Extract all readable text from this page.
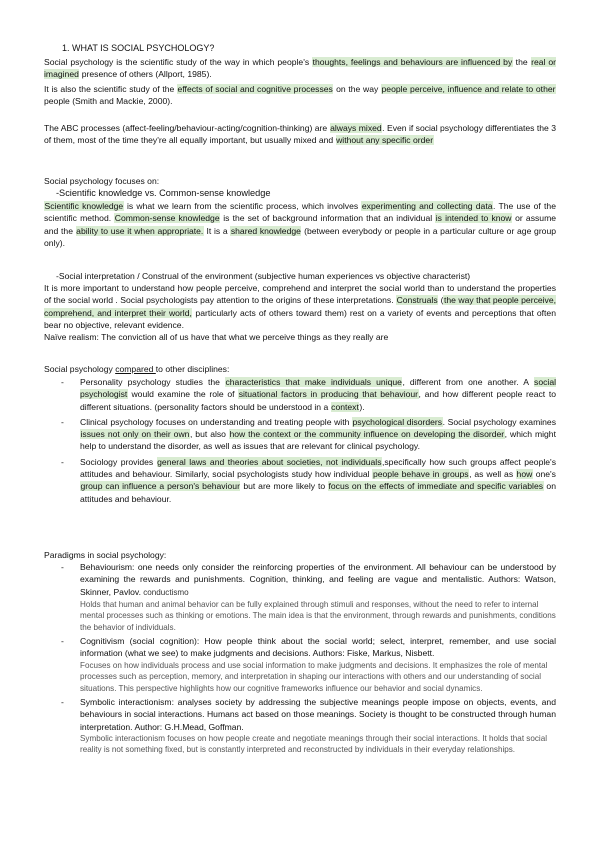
1. WHAT IS SOCIAL PSYCHOLOGY?
Social psychology is the scientific study of the way in which people's thoughts, feelings and behaviours are influenced by the real or imagined presence of others (Allport, 1985).
It is also the scientific study of the effects of social and cognitive processes on the way people perceive, influence and relate to other people (Smith and Mackie, 2000).
The ABC processes (affect-feeling/behaviour-acting/cognition-thinking) are always mixed. Even if social psychology differentiates the 3 of them, most of the time they're all equally important, but usually mixed and without any specific order
Social psychology focuses on:
-Scientific knowledge vs. Common-sense knowledge
Scientific knowledge is what we learn from the scientific process, which involves experimenting and collecting data. The use of the scientific method. Common-sense knowledge is the set of background information that an individual is intended to know or assume and the ability to use it when appropriate. It is a shared knowledge (between everybody or people in a particular culture or age group only).
-Social interpretation / Construal of the environment (subjective human experiences vs objective characterist)
It is more important to understand how people perceive, comprehend and interpret the social world than to understand the properties of the social world . Social psychologists pay attention to the origins of these interpretations. Construals (the way that people perceive, comprehend, and interpret their world, particularly acts of others toward them) rest on a variety of events and perceptions that often bear no objective, relevant evidence.
Naïve realism: The conviction all of us have that what we perceive things as they really are
Social psychology compared to other disciplines:
- Personality psychology studies the characteristics that make individuals unique, different from one another. A social psychologist would examine the role of situational factors in producing that behaviour, and how different people react to different situations. (personality factors should be understood in a context).
- Clinical psychology focuses on understanding and treating people with psychological disorders. Social psychology examines issues not only on their own, but also how the context or the community influence on developing the disorder, which might help to understand the disorder, as well as issues that are relevant for clinical psychology.
- Sociology provides general laws and theories about societies, not individuals,specifically how such groups affect people's attitudes and behaviour. Similarly, social psychologists study how individual people behave in groups, as well as how one's group can influence a person's behaviour but are more likely to focus on the effects of immediate and specific variables on attitudes and behaviour.
Paradigms in social psychology:
- Behaviourism: one needs only consider the reinforcing properties of the environment. All behaviour can be understood by examining the rewards and punishments. Cognition, thinking, and feeling are vague and mentalistic. Authors: Watson, Skinner, Pavlov. conductismo
Holds that human and animal behavior can be fully explained through stimuli and responses, without the need to refer to internal mental processes such as thinking or emotions. The main idea is that the environment, through rewards and punishments, conditions the behavior of individuals.
- Cognitivism (social cognition): How people think about the social world; select, interpret, remember, and use social information (what we see) to make judgments and decisions. Authors: Fiske, Markus, Nisbett.
Focuses on how individuals process and use social information to make judgments and decisions. It emphasizes the role of mental processes such as perception, memory, and interpretation in shaping our interactions with others and our understanding of social situations. This perspective highlights how our cognitive frameworks influence our behavior and social dynamics.
- Symbolic interactionism: analyses society by addressing the subjective meanings people impose on objects, events, and behaviours in social interactions. Humans act based on those meanings. Society is thought to be constructed through human interpretation. Author: G.H.Mead, Goffman.
Symbolic interactionism focuses on how people create and negotiate meanings through their social interactions. It holds that social reality is not something fixed, but is constantly interpreted and reconstructed by individuals in their everyday relationships.
